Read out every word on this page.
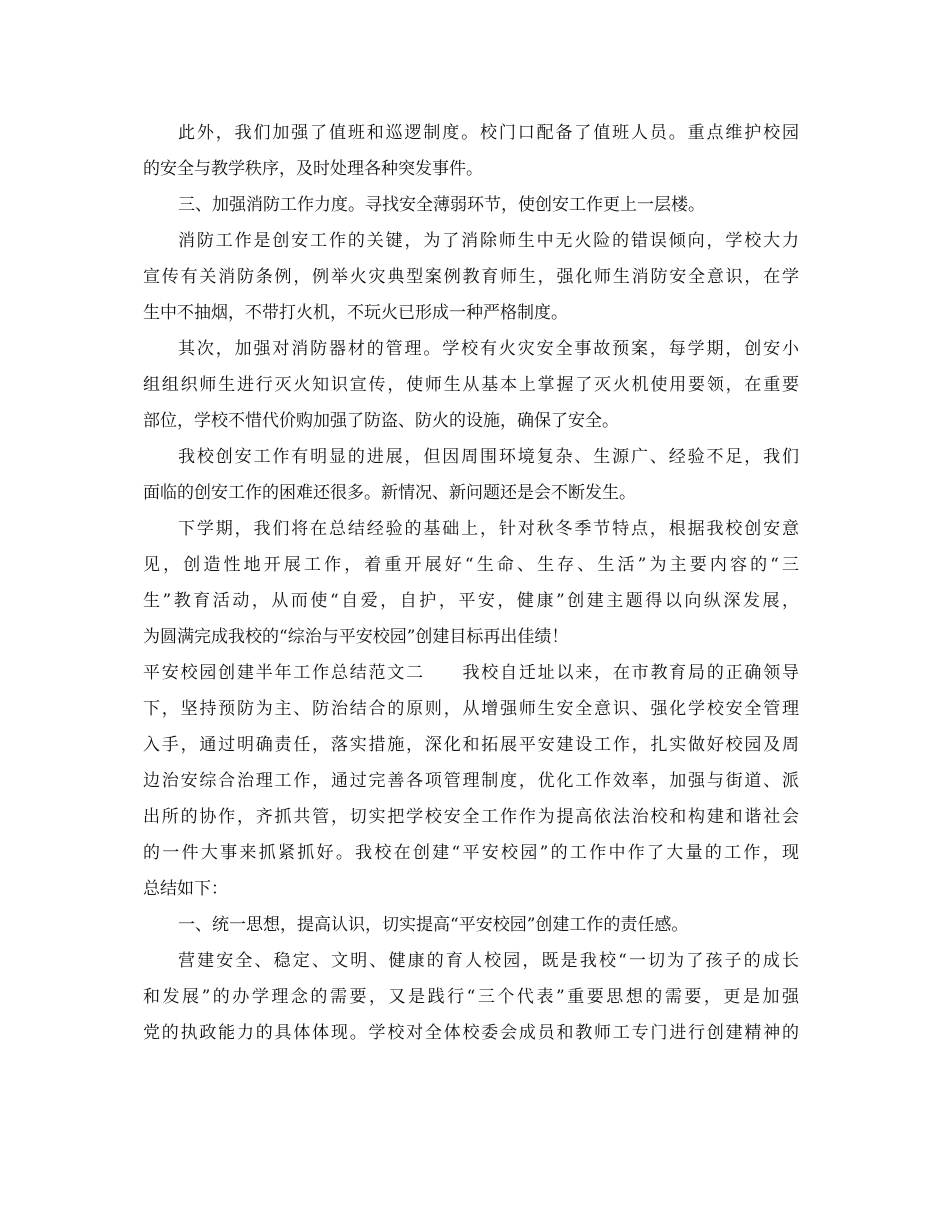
此外，我们加强了值班和巡逻制度。校门口配备了值班人员。重点维护校园
的安全与教学秩序，及时处理各种突发事件。
三、加强消防工作力度。寻找安全薄弱环节，使创安工作更上一层楼。
消防工作是创安工作的关键，为了消除师生中无火险的错误倾向，学校大力
宣传有关消防条例，例举火灾典型案例教育师生，强化师生消防安全意识，在学
生中不抽烟，不带打火机，不玩火已形成一种严格制度。
其次，加强对消防器材的管理。学校有火灾安全事故预案，每学期，创安小
组组织师生进行灭火知识宣传，使师生从基本上掌握了灭火机使用要领，在重要
部位，学校不惜代价购加强了防盗、防火的设施，确保了安全。
我校创安工作有明显的进展，但因周围环境复杂、生源广、经验不足，我们
面临的创安工作的困难还很多。新情况、新问题还是会不断发生。
下学期，我们将在总结经验的基础上，针对秋冬季节特点，根据我校创安意
见，创造性地开展工作，着重开展好“生命、生存、生活”为主要内容的“三
生”教育活动，从而使“自爱，自护，平安，健康”创建主题得以向纵深发展，
为圆满完成我校的“综治与平安校园”创建目标再出佳绩！
平安校园创建半年工作总结范文二　　我校自迁址以来，在市教育局的正确领导
下，坚持预防为主、防治结合的原则，从增强师生安全意识、强化学校安全管理
入手，通过明确责任，落实措施，深化和拓展平安建设工作，扎实做好校园及周
边治安综合治理工作，通过完善各项管理制度，优化工作效率，加强与街道、派
出所的协作，齐抓共管，切实把学校安全工作作为提高依法治校和构建和谐社会
的一件大事来抓紧抓好。我校在创建“平安校园”的工作中作了大量的工作，现
总结如下：
一、统一思想，提高认识，切实提高“平安校园”创建工作的责任感。
营建安全、稳定、文明、健康的育人校园，既是我校“一切为了孩子的成长
和发展”的办学理念的需要，又是践行“三个代表”重要思想的需要，更是加强
党的执政能力的具体体现。学校对全体校委会成员和教师工专门进行创建精神的
